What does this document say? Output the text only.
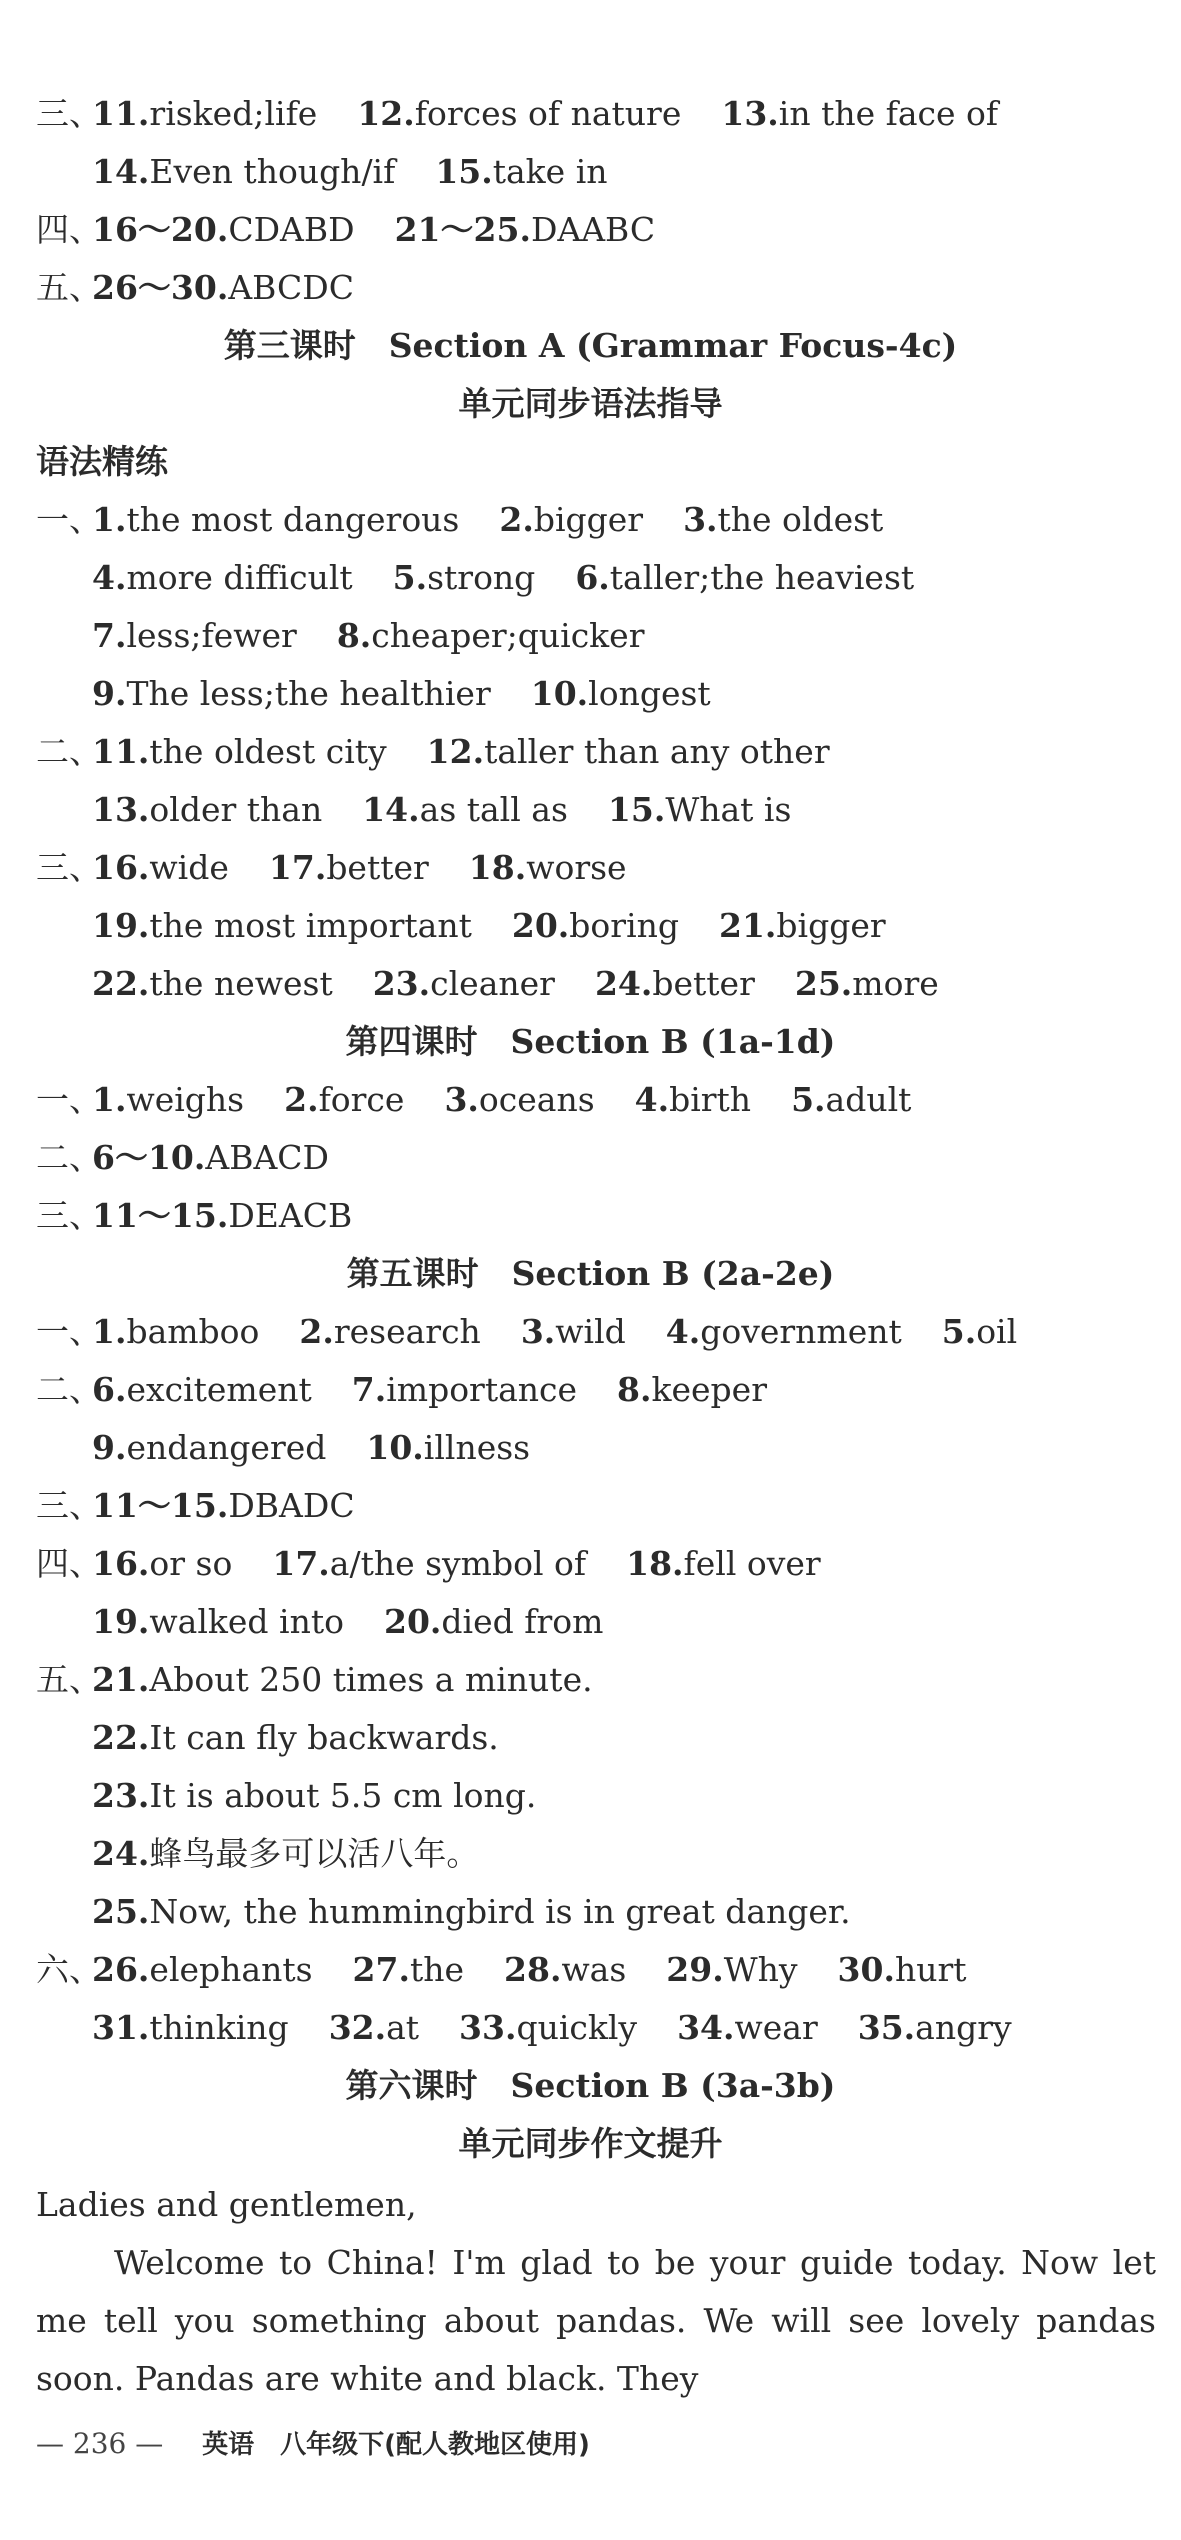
三、
11.risked;life 12.forces of nature 13.in the face of
14.Even though/if 15.take in
四、
16～20.CDABD 21～25.DAABC
五、
26～30.ABCDC
第三课时　Section A (Grammar Focus-4c)
单元同步语法指导
语法精练
一、
1.the most dangerous 2.bigger 3.the oldest
4.more difficult 5.strong 6.taller;the heaviest
7.less;fewer 8.cheaper;quicker
9.The less;the healthier 10.longest
二、
11.the oldest city 12.taller than any other
13.older than 14.as tall as 15.What is
三、
16.wide 17.better 18.worse
19.the most important 20.boring 21.bigger
22.the newest 23.cleaner 24.better 25.more
第四课时　Section B (1a-1d)
一、
1.weighs 2.force 3.oceans 4.birth 5.adult
二、
6～10.ABACD
三、
11～15.DEACB
第五课时　Section B (2a-2e)
一、
1.bamboo 2.research 3.wild 4.government 5.oil
二、
6.excitement 7.importance 8.keeper
9.endangered 10.illness
三、
11～15.DBADC
四、
16.or so 17.a/the symbol of 18.fell over
19.walked into 20.died from
五、
21.About 250 times a minute.
22.It can fly backwards.
23.It is about 5.5 cm long.
24.蜂鸟最多可以活八年。
25.Now, the hummingbird is in great danger.
六、
26.elephants 27.the 28.was 29.Why 30.hurt
31.thinking 32.at 33.quickly 34.wear 35.angry
第六课时　Section B (3a-3b)
单元同步作文提升

Ladies and gentlemen,

Welcome to China! I'm glad to be your guide today. Now let me tell you something about pandas. We will see lovely pandas soon. Pandas are white and black. They

— 236 — 英语　八年级下(配人教地区使用)
